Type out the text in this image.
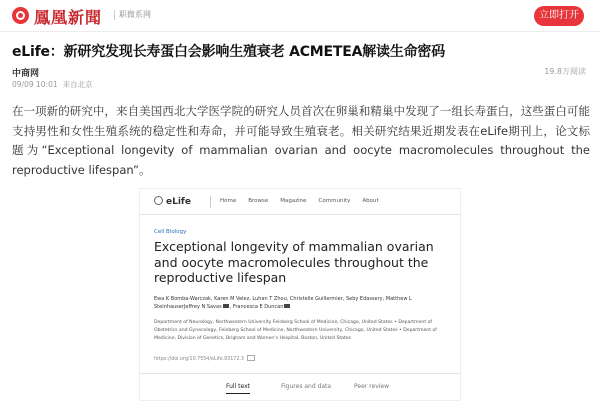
鳳凰新聞	职微系网	立即打开
eLife：新研究发现长寿蛋白会影响生殖衰老 ACMETEA解读生命密码
中商网	19.8万阅读
09/09 10:01 来自北京

在一项新的研究中，来自美国西北大学医学院的研究人员首次在卵巢和精巢中发现了一组长寿蛋白，这些蛋白可能支持男性和女性生殖系统的稳定性和寿命，并可能导致生殖衰老。相关研究结果近期发表在eLife期刊上，论文标题为“Exceptional longevity of mammalian ovarian and oocyte macromolecules throughout the reproductive lifespan”。

eLife	Home Browse Magazine Community About
Cell Biology
Exceptional longevity of mammalian ovarian and oocyte macromolecules throughout the reproductive lifespan
Ewa K Bomba-Warczak, Karen M Velez, Luhan T Zhou, Christelle Guillermier, Seby Edassery, Matthew L SteinhauserJeffrey N Savas , Francesca E Duncan
Department of Neurology, Northwestern University Feinberg School of Medicine, Chicago, United States • Department of Obstetrics and Gynecology, Feinberg School of Medicine, Northwestern University, Chicago, United States • Department of Medicine, Division of Genetics, Brigham and Women's Hospital, Boston, United States
https://doi.org/10.7554/eLife.93172.3
Full text	Figures and data	Peer review
